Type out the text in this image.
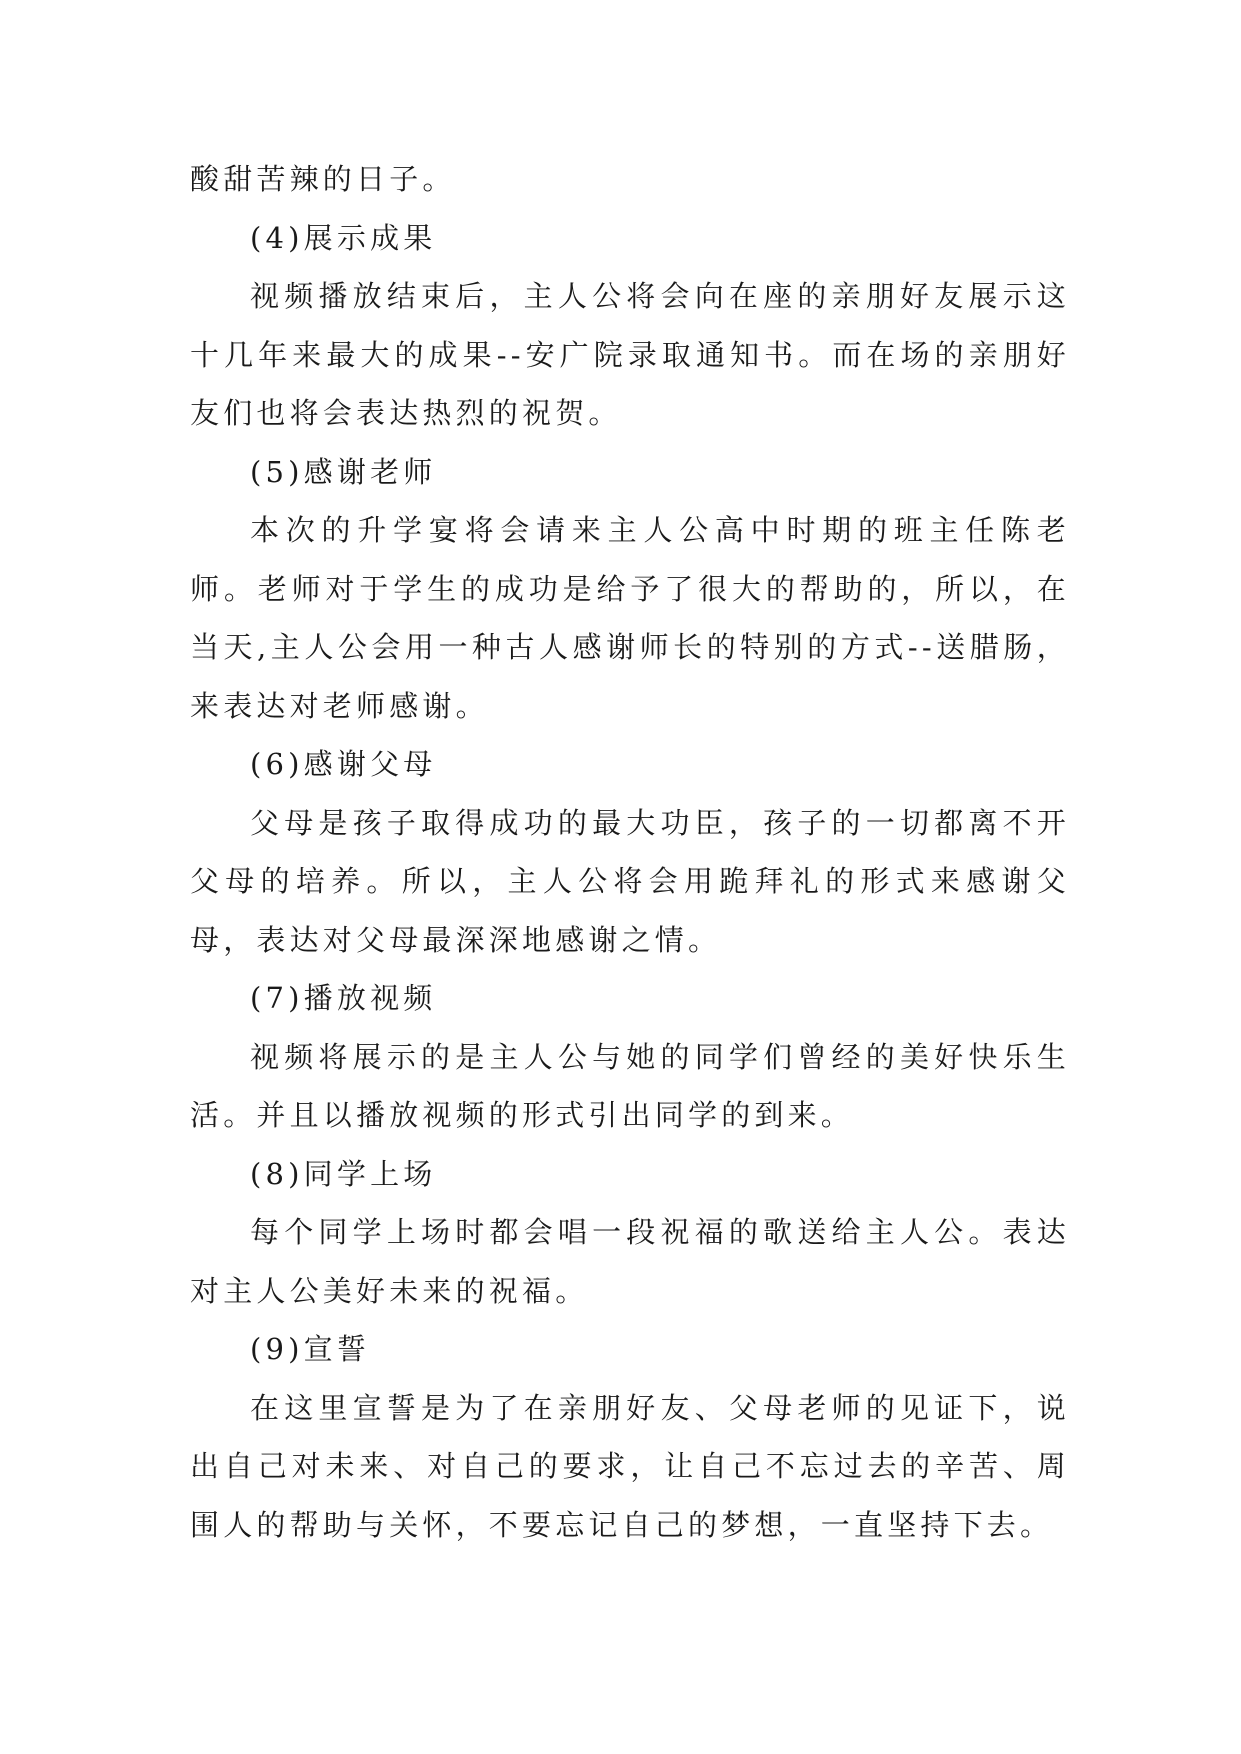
酸甜苦辣的日子。

(4)展示成果

视频播放结束后，主人公将会向在座的亲朋好友展示这十几年来最大的成果--安广院录取通知书。而在场的亲朋好友们也将会表达热烈的祝贺。

(5)感谢老师

本次的升学宴将会请来主人公高中时期的班主任陈老师。老师对于学生的成功是给予了很大的帮助的，所以，在当天,主人公会用一种古人感谢师长的特别的方式--送腊肠，来表达对老师感谢。

(6)感谢父母

父母是孩子取得成功的最大功臣，孩子的一切都离不开父母的培养。所以，主人公将会用跪拜礼的形式来感谢父母，表达对父母最深深地感谢之情。

(7)播放视频

视频将展示的是主人公与她的同学们曾经的美好快乐生活。并且以播放视频的形式引出同学的到来。

(8)同学上场

每个同学上场时都会唱一段祝福的歌送给主人公。表达对主人公美好未来的祝福。

(9)宣誓

在这里宣誓是为了在亲朋好友、父母老师的见证下，说出自己对未来、对自己的要求，让自己不忘过去的辛苦、周围人的帮助与关怀，不要忘记自己的梦想，一直坚持下去。
